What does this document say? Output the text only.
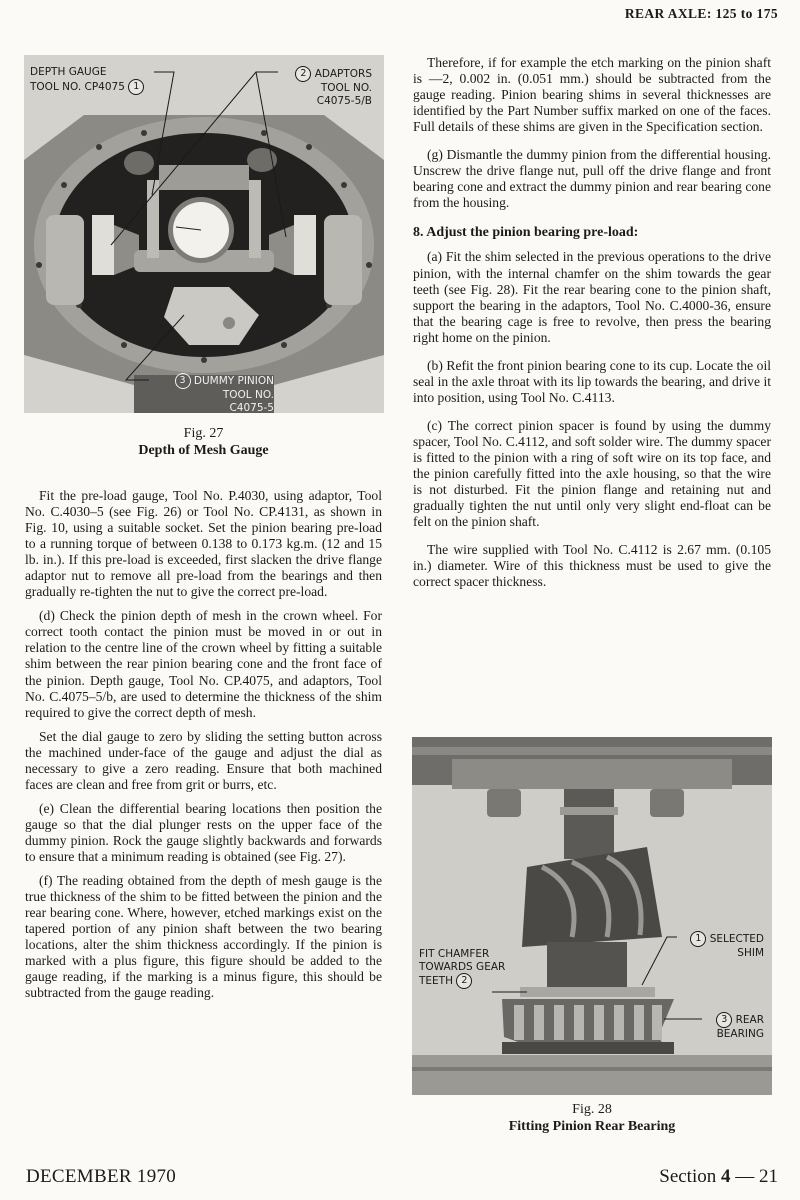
REAR AXLE: 125 to 175
DEPTH GAUGE
TOOL NO. CP4075 1
2 ADAPTORS
TOOL NO.
C4075-5/B
3 DUMMY PINION
TOOL NO.
C4075-5
Fig. 27
Depth of Mesh Gauge

Fit the pre-load gauge, Tool No. P.4030, using adaptor, Tool No. C.4030–5 (see Fig. 26) or Tool No. CP.4131, as shown in Fig. 10, using a suitable socket. Set the pinion bearing pre-load to a running torque of between 0.138 to 0.173 kg.m. (12 and 15 lb. in.). If this pre-load is exceeded, first slacken the drive flange adaptor nut to remove all pre-load from the bearings and then gradually re-tighten the nut to give the correct pre-load.

(d) Check the pinion depth of mesh in the crown wheel. For correct tooth contact the pinion must be moved in or out in relation to the centre line of the crown wheel by fitting a suitable shim between the rear pinion bearing cone and the front face of the pinion. Depth gauge, Tool No. CP.4075, and adaptors, Tool No. C.4075–5/b, are used to determine the thickness of the shim required to give the correct depth of mesh.

Set the dial gauge to zero by sliding the setting button across the machined under-face of the gauge and adjust the dial as necessary to give a zero reading. Ensure that both machined faces are clean and free from grit or burrs, etc.

(e) Clean the differential bearing locations then position the gauge so that the dial plunger rests on the upper face of the dummy pinion. Rock the gauge slightly backwards and forwards to ensure that a minimum reading is obtained (see Fig. 27).

(f) The reading obtained from the depth of mesh gauge is the true thickness of the shim to be fitted between the pinion and the rear bearing cone. Where, however, etched markings exist on the tapered portion of any pinion shaft between the two bearing locations, alter the shim thickness accordingly. If the pinion is marked with a plus figure, this figure should be added to the gauge reading, if the marking is a minus figure, this should be subtracted from the gauge reading.

Therefore, if for example the etch marking on the pinion shaft is —2, 0.002 in. (0.051 mm.) should be subtracted from the gauge reading. Pinion bearing shims in several thicknesses are identified by the Part Number suffix marked on one of the faces. Full details of these shims are given in the Specification section.

(g) Dismantle the dummy pinion from the differential housing. Unscrew the drive flange nut, pull off the drive flange and front bearing cone and extract the dummy pinion and rear bearing cone from the housing.

8. Adjust the pinion bearing pre-load:

(a) Fit the shim selected in the previous operations to the drive pinion, with the internal chamfer on the shim towards the gear teeth (see Fig. 28). Fit the rear bearing cone to the pinion shaft, support the bearing in the adaptors, Tool No. C.4000-36, ensure that the bearing cage is free to revolve, then press the bearing right home on the pinion.

(b) Refit the front pinion bearing cone to its cup. Locate the oil seal in the axle throat with its lip towards the bearing, and drive it into position, using Tool No. C.4113.

(c) The correct pinion spacer is found by using the dummy spacer, Tool No. C.4112, and soft solder wire. The dummy spacer is fitted to the pinion with a ring of soft wire on its top face, and the pinion carefully fitted into the axle housing, so that the wire is not disturbed. Fit the pinion flange and retaining nut and gradually tighten the nut until only very slight end-float can be felt on the pinion shaft.

The wire supplied with Tool No. C.4112 is 2.67 mm. (0.105 in.) diameter. Wire of this thickness must be used to give the correct spacer thickness.

1 SELECTED
SHIM
FIT CHAMFER
TOWARDS GEAR
TEETH 2
3 REAR
BEARING
Fig. 28
Fitting Pinion Rear Bearing
DECEMBER 1970	Section 4 — 21
